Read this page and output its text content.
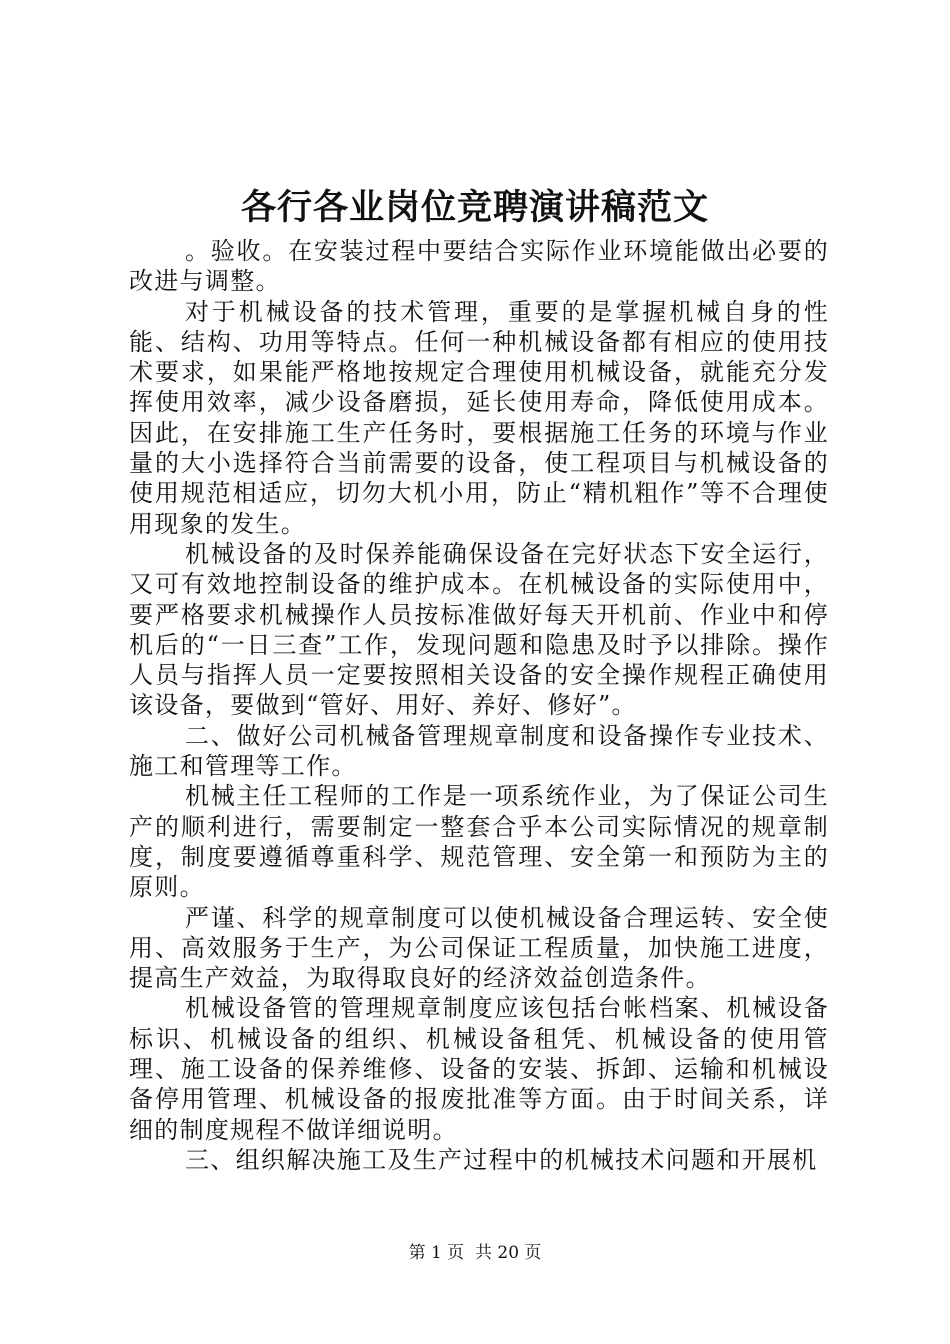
各行各业岗位竞聘演讲稿范文

。验收。在安装过程中要结合实际作业环境能做出必要的改进与调整。

对于机械设备的技术管理，重要的是掌握机械自身的性能、结构、功用等特点。任何一种机械设备都有相应的使用技术要求，如果能严格地按规定合理使用机械设备，就能充分发挥使用效率，减少设备磨损，延长使用寿命，降低使用成本。因此，在安排施工生产任务时，要根据施工任务的环境与作业量的大小选择符合当前需要的设备，使工程项目与机械设备的使用规范相适应，切勿大机小用，防止“精机粗作”等不合理使用现象的发生。

机械设备的及时保养能确保设备在完好状态下安全运行，又可有效地控制设备的维护成本。在机械设备的实际使用中，要严格要求机械操作人员按标准做好每天开机前、作业中和停机后的“一日三查”工作，发现问题和隐患及时予以排除。操作人员与指挥人员一定要按照相关设备的安全操作规程正确使用该设备，要做到“管好、用好、养好、修好”。

二、做好公司机械备管理规章制度和设备操作专业技术、施工和管理等工作。

机械主任工程师的工作是一项系统作业，为了保证公司生产的顺利进行，需要制定一整套合乎本公司实际情况的规章制度，制度要遵循尊重科学、规范管理、安全第一和预防为主的原则。

严谨、科学的规章制度可以使机械设备合理运转、安全使用、高效服务于生产，为公司保证工程质量，加快施工进度，提高生产效益，为取得取良好的经济效益创造条件。

机械设备管的管理规章制度应该包括台帐档案、机械设备标识、机械设备的组织、机械设备租凭、机械设备的使用管理、施工设备的保养维修、设备的安装、拆卸、运输和机械设备停用管理、机械设备的报废批准等方面。由于时间关系，详细的制度规程不做详细说明。

三、组织解决施工及生产过程中的机械技术问题和开展机

第 1 页  共 20 页
